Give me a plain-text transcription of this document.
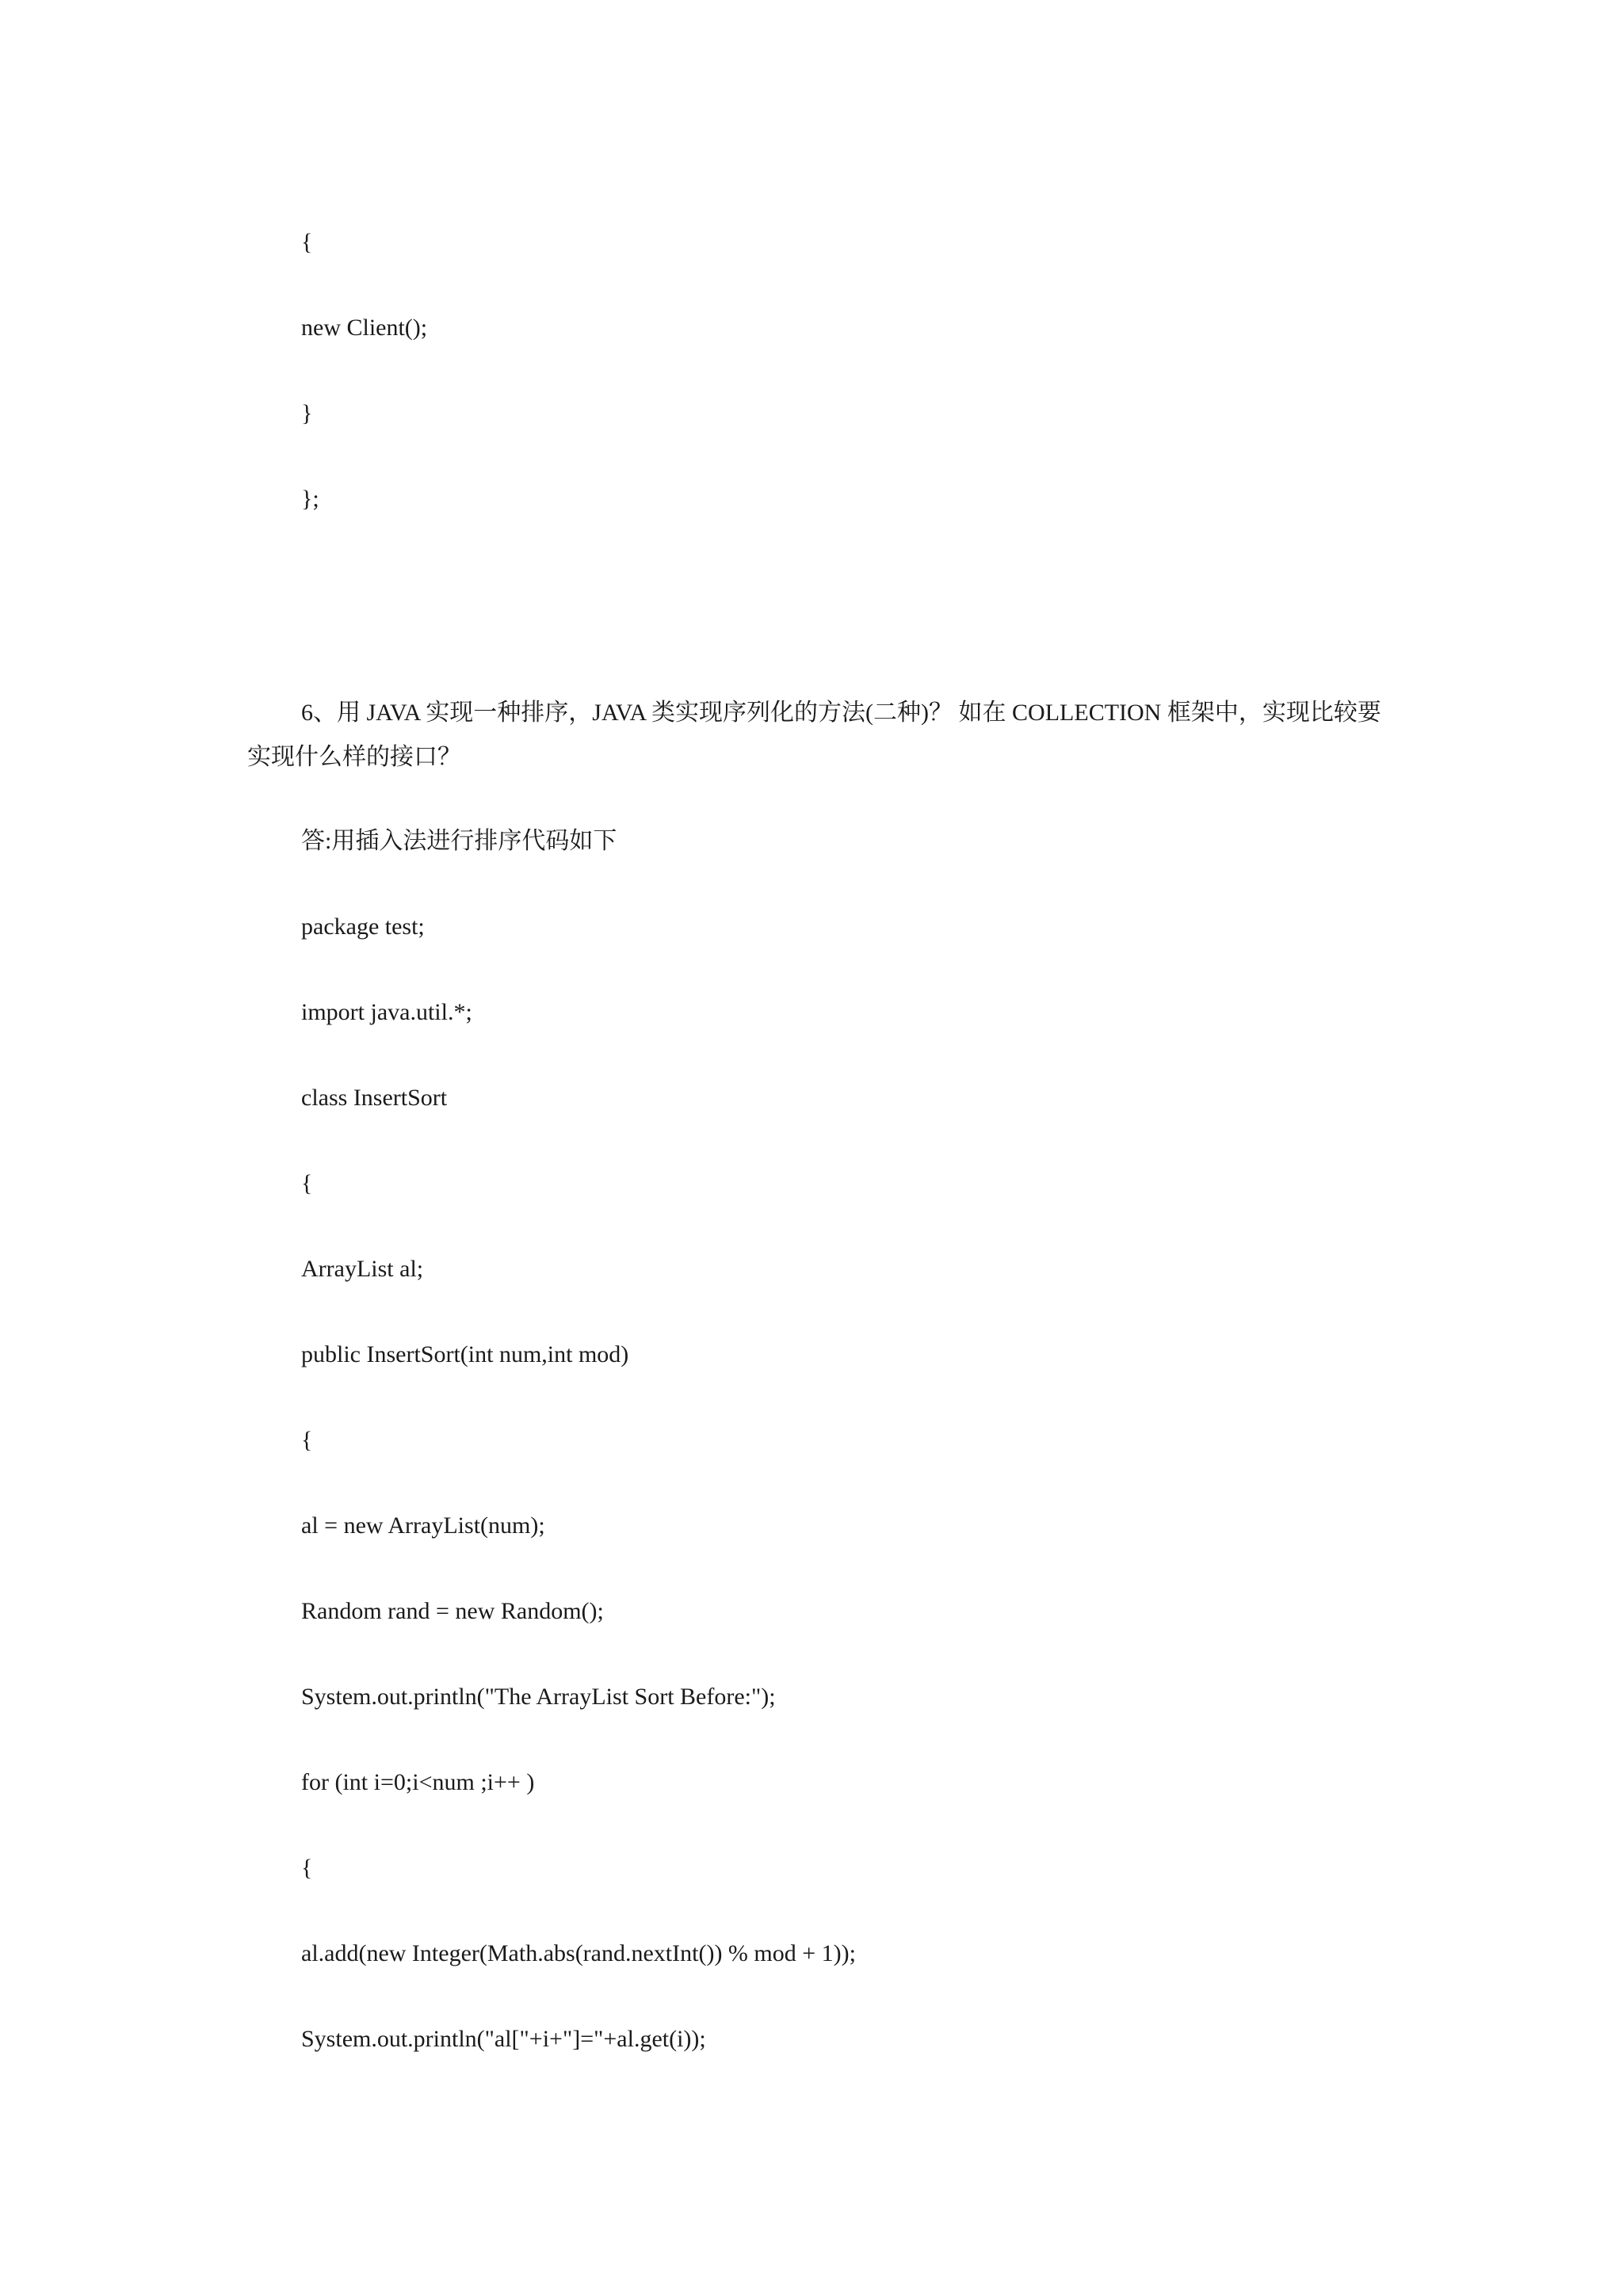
{
new Client();
}
};
6、用 JAVA 实现一种排序，JAVA 类实现序列化的方法(二种)？ 如在 COLLECTION 框架中，实现比较要实现什么样的接口？
答:用插入法进行排序代码如下
package test;
import java.util.*;
class InsertSort
{
ArrayList al;
public InsertSort(int num,int mod)
{
al = new ArrayList(num);
Random rand = new Random();
System.out.println("The ArrayList Sort Before:");
for (int i=0;i<num ;i++ )
{
al.add(new Integer(Math.abs(rand.nextInt()) % mod + 1));
System.out.println("al["+i+"]="+al.get(i));
